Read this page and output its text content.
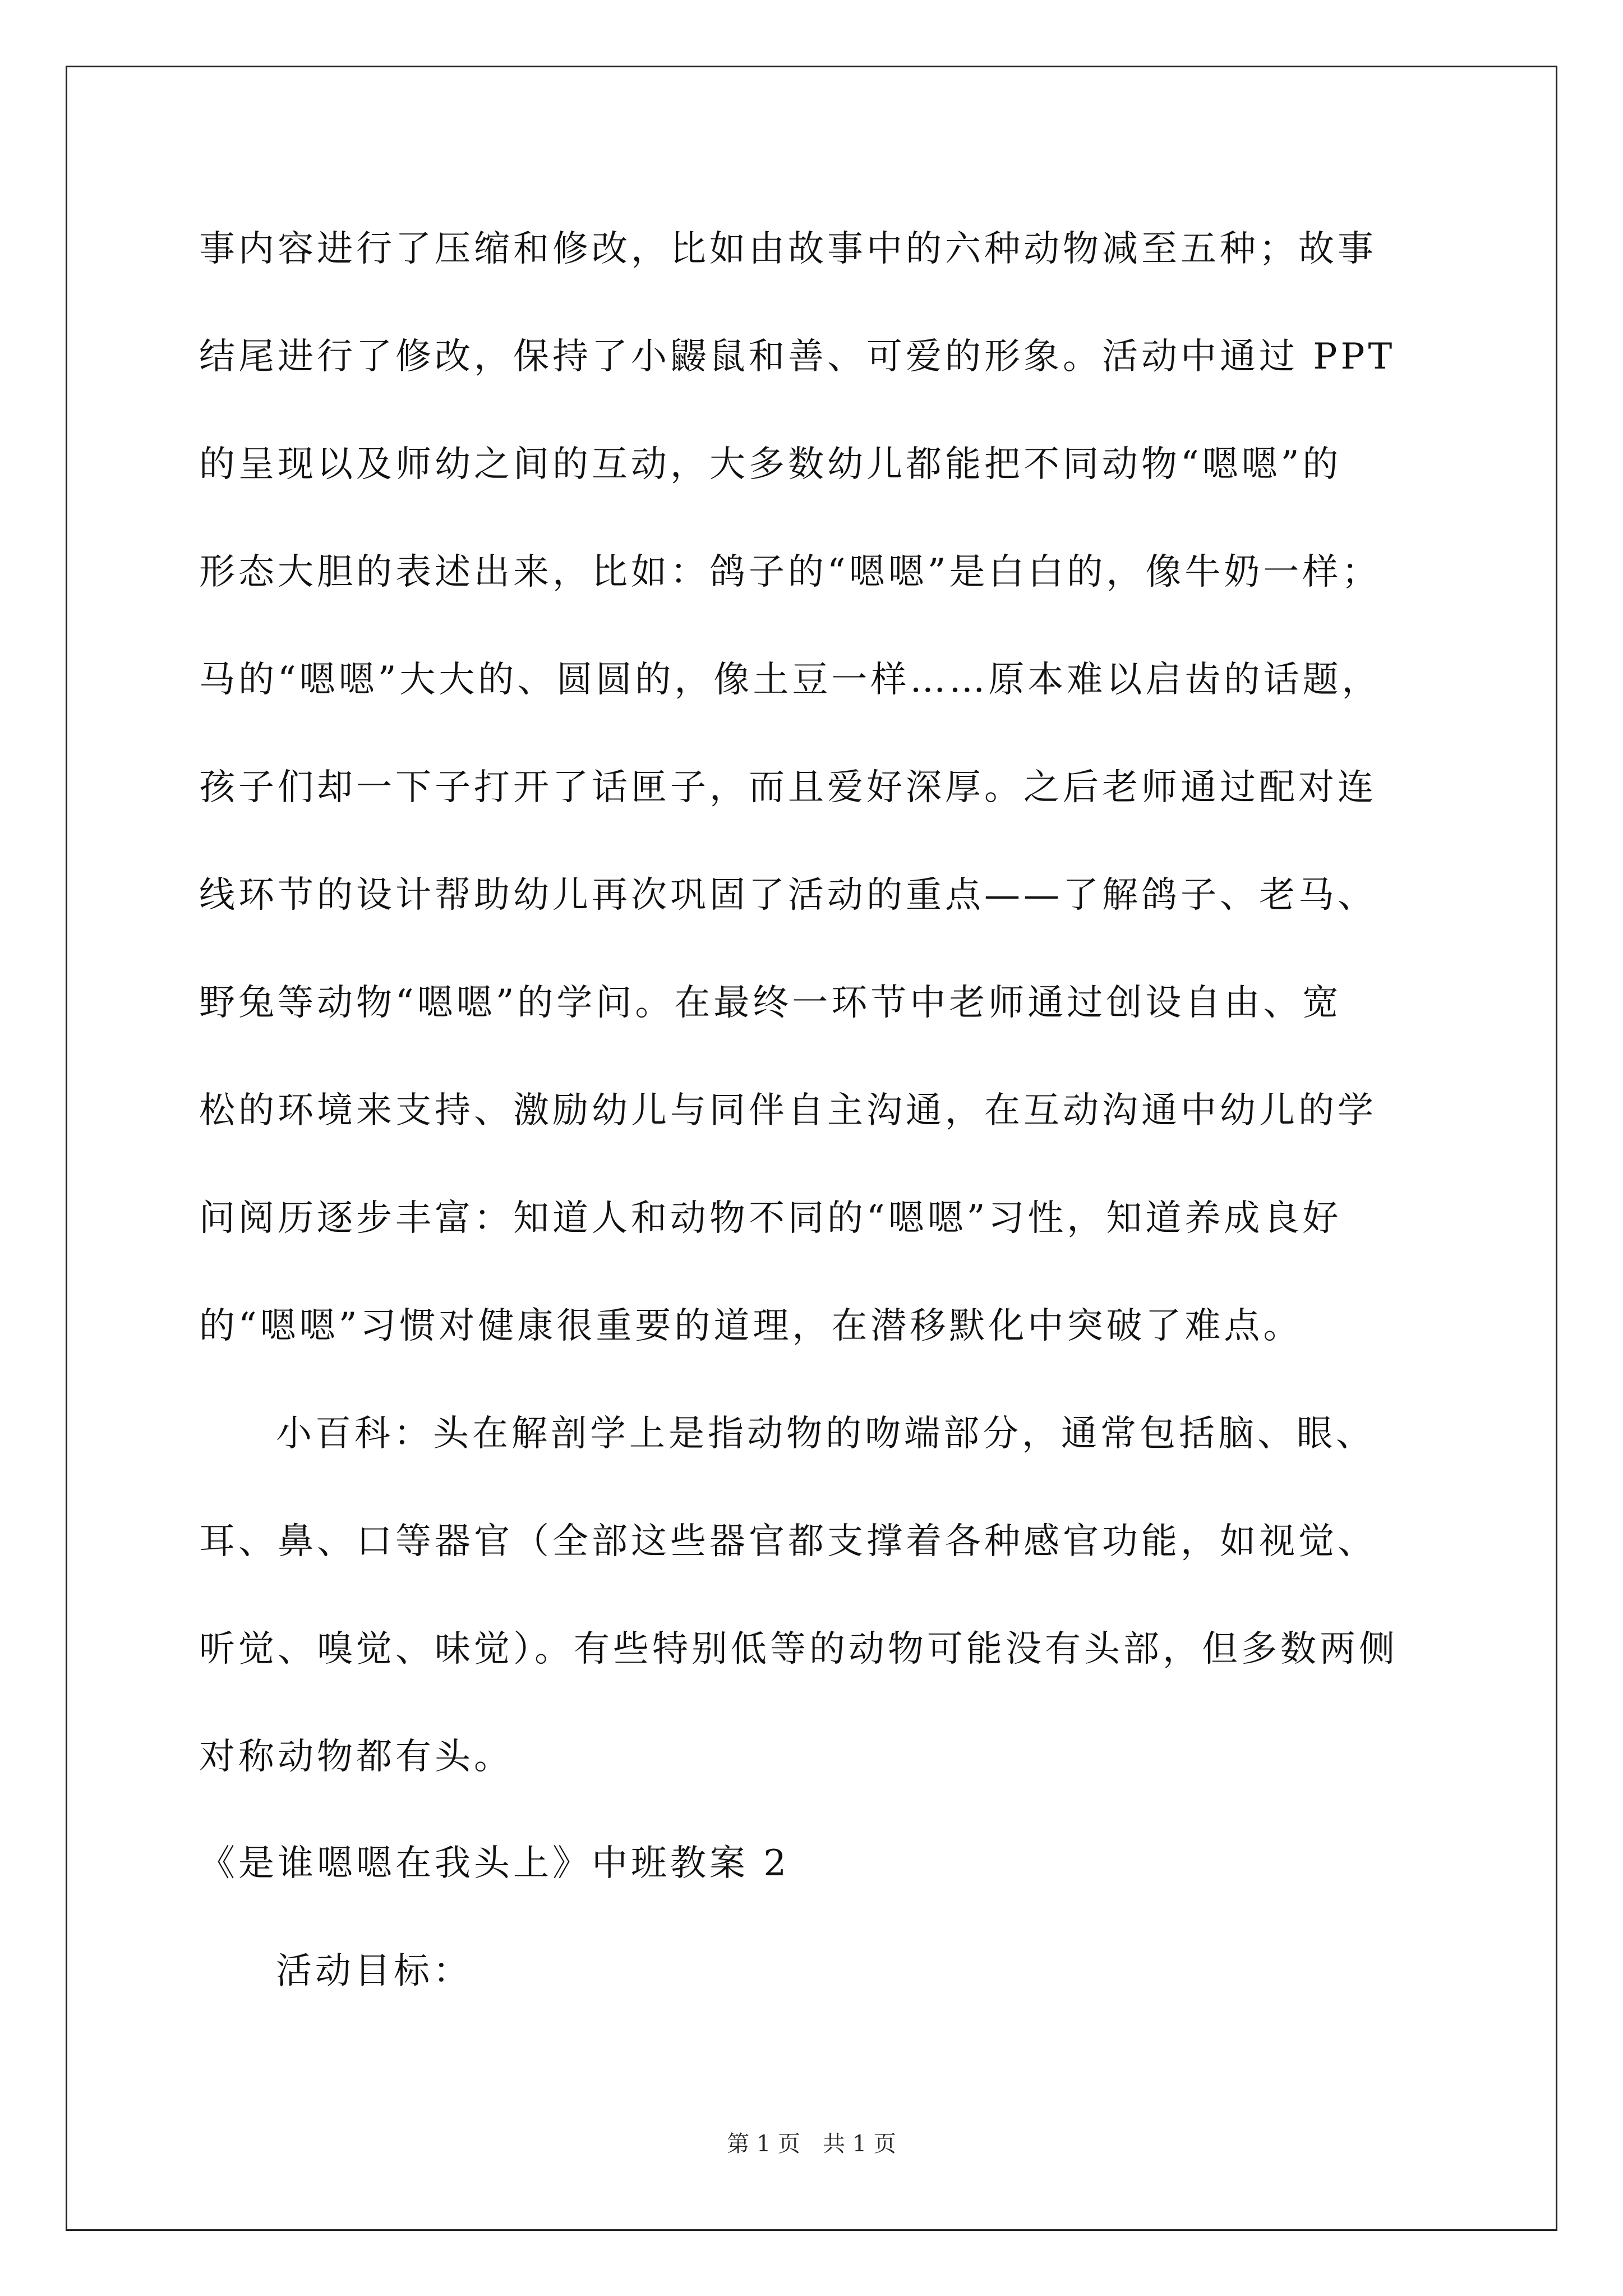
事内容进行了压缩和修改，比如由故事中的六种动物减至五种；故事
结尾进行了修改，保持了小鼹鼠和善、可爱的形象。活动中通过 PPT
的呈现以及师幼之间的互动，大多数幼儿都能把不同动物“嗯嗯”的
形态大胆的表述出来，比如：鸽子的“嗯嗯”是白白的，像牛奶一样；
马的“嗯嗯”大大的、圆圆的，像土豆一样……原本难以启齿的话题，
孩子们却一下子打开了话匣子，而且爱好深厚。之后老师通过配对连
线环节的设计帮助幼儿再次巩固了活动的重点——了解鸽子、老马、
野兔等动物“嗯嗯”的学问。在最终一环节中老师通过创设自由、宽
松的环境来支持、激励幼儿与同伴自主沟通，在互动沟通中幼儿的学
问阅历逐步丰富：知道人和动物不同的“嗯嗯”习性，知道养成良好
的“嗯嗯”习惯对健康很重要的道理，在潜移默化中突破了难点。
小百科：头在解剖学上是指动物的吻端部分，通常包括脑、眼、
耳、鼻、口等器官（全部这些器官都支撑着各种感官功能，如视觉、
听觉、嗅觉、味觉）。有些特别低等的动物可能没有头部，但多数两侧
对称动物都有头。
《是谁嗯嗯在我头上》中班教案 2
活动目标：
第 1 页　共 1 页
